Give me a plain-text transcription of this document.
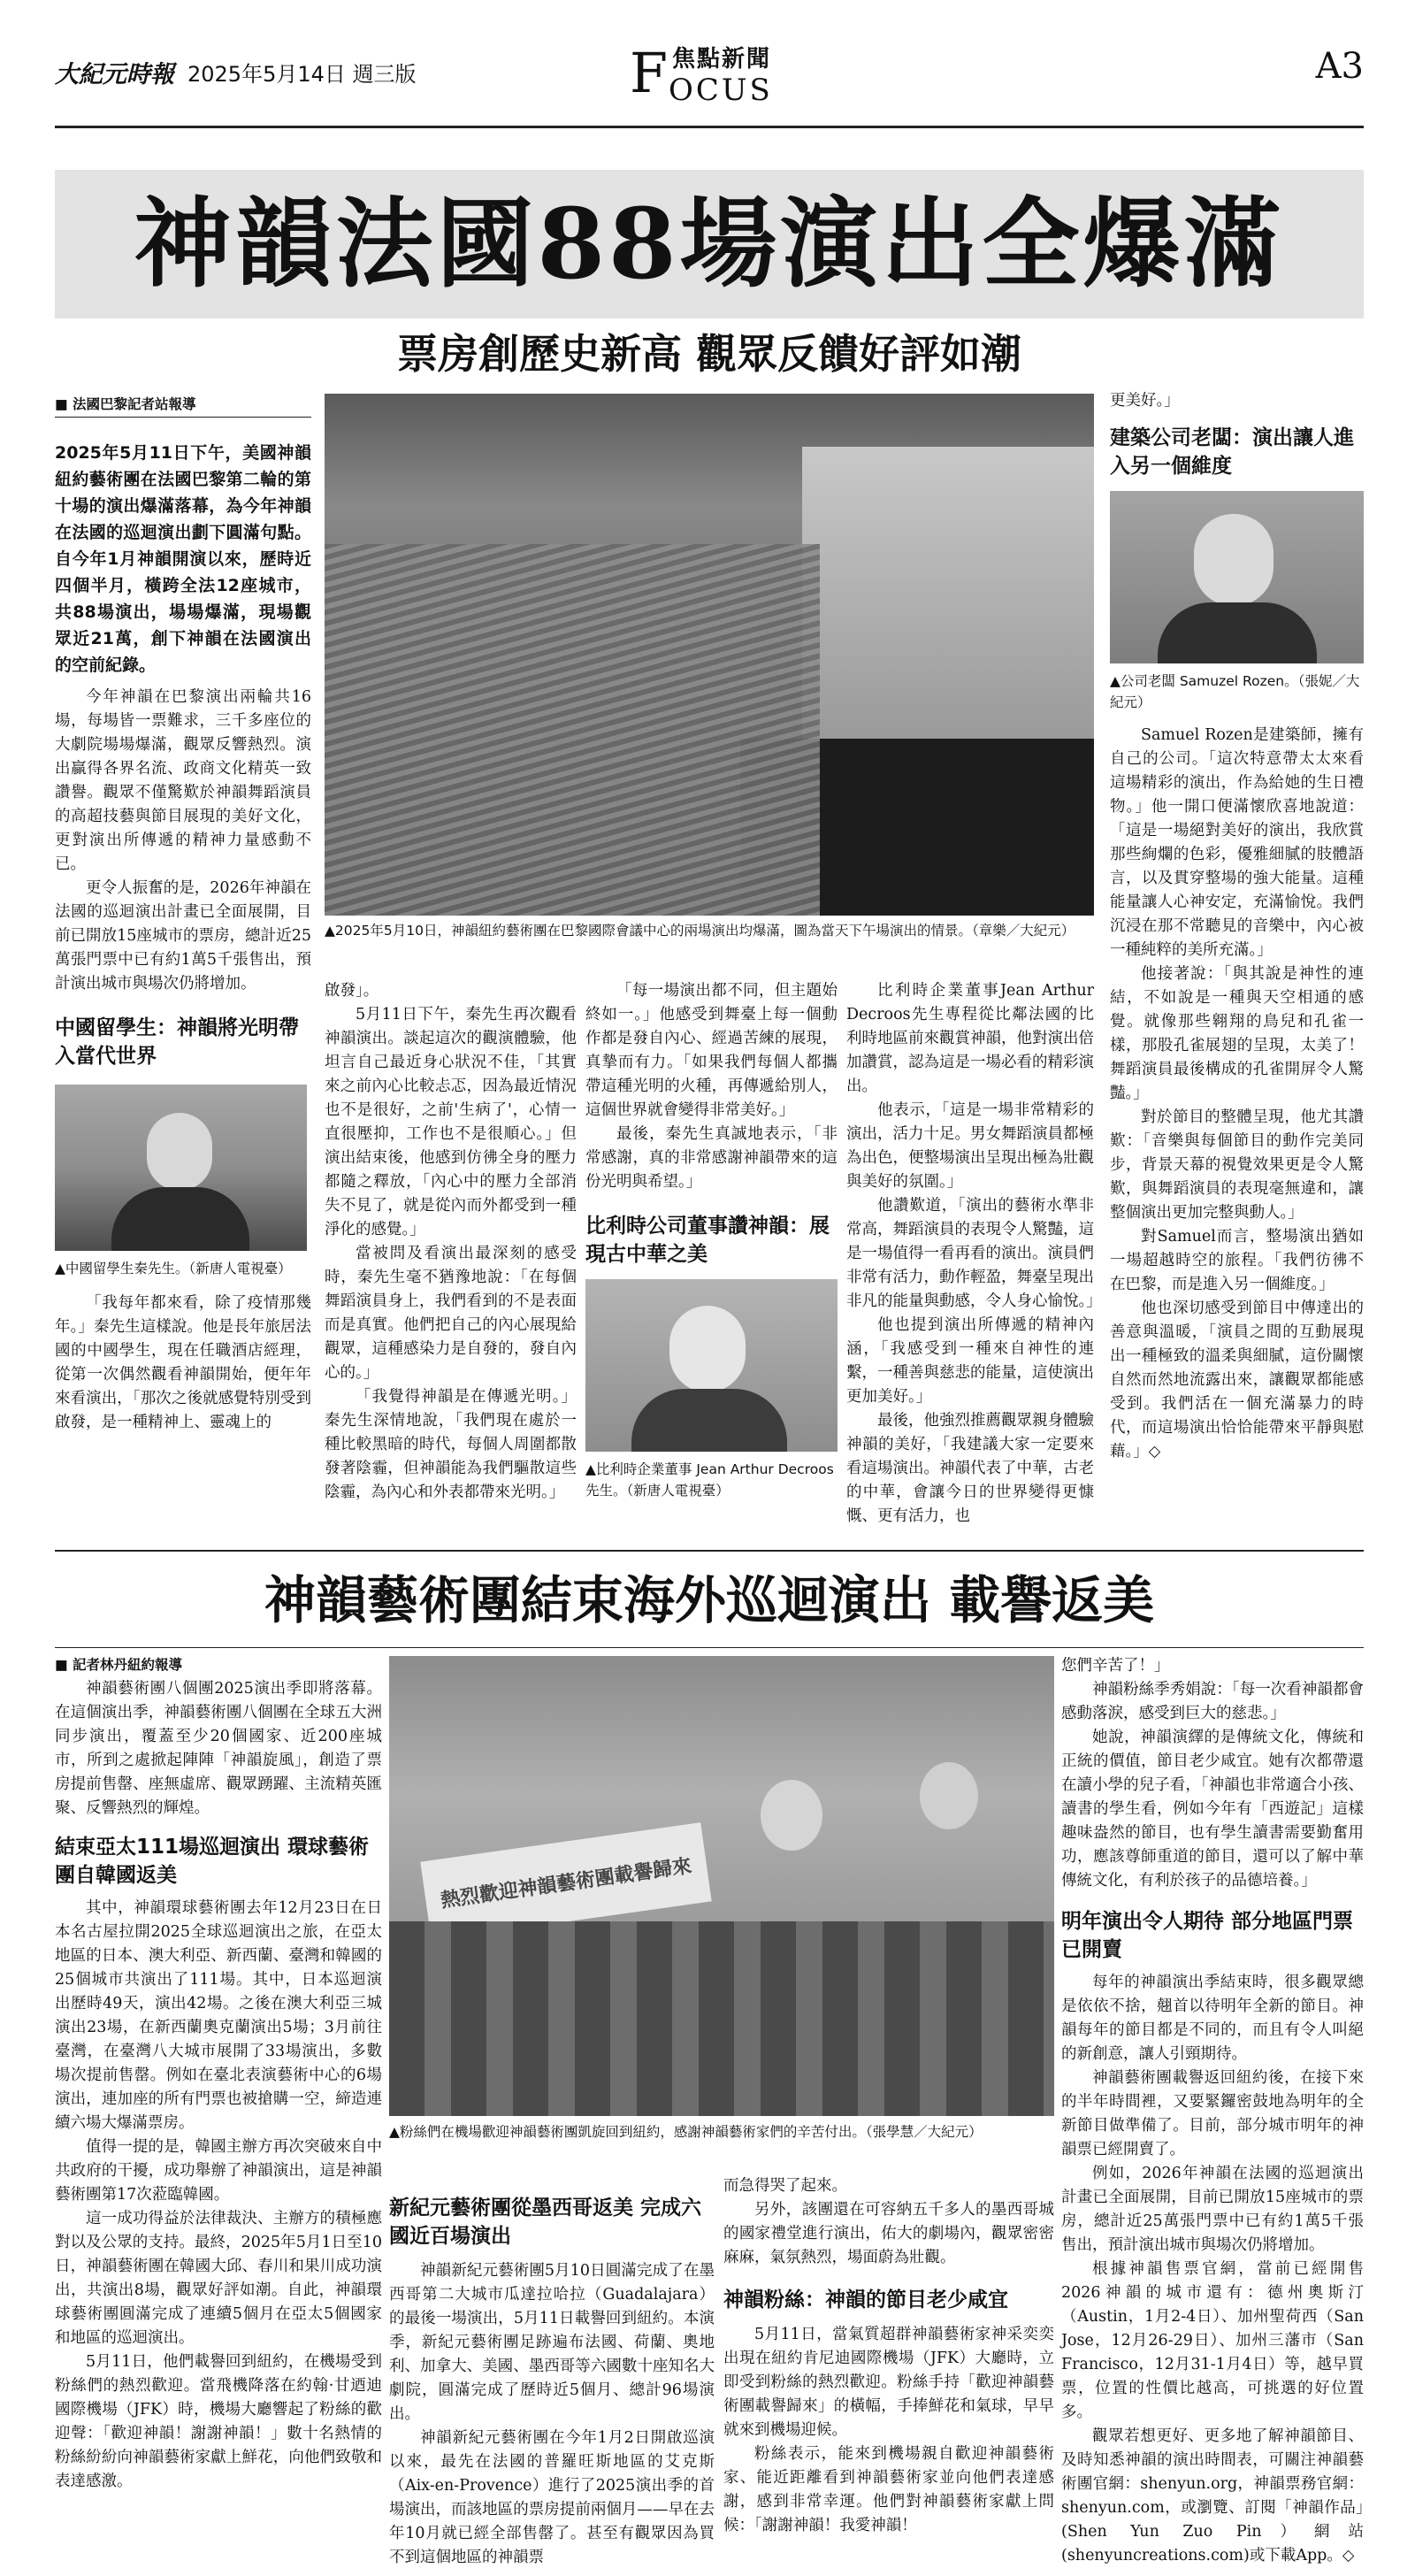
大紀元時報 2025年5月14日 週三版	F 焦點新聞
OCUS
A3
神韻法國88場演出全爆滿
票房創歷史新高 觀眾反饋好評如潮
■ 法國巴黎記者站報導

2025年5月11日下午，美國神韻紐約藝術團在法國巴黎第二輪的第十場的演出爆滿落幕，為今年神韻在法國的巡迴演出劃下圓滿句點。自今年1月神韻開演以來，歷時近四個半月，橫跨全法12座城市，共88場演出，場場爆滿，現場觀眾近21萬，創下神韻在法國演出的空前紀錄。

今年神韻在巴黎演出兩輪共16場，每場皆一票難求，三千多座位的大劇院場場爆滿，觀眾反響熱烈。演出贏得各界名流、政商文化精英一致讚譽。觀眾不僅驚歎於神韻舞蹈演員的高超技藝與節目展現的美好文化，更對演出所傳遞的精神力量感動不已。

更令人振奮的是，2026年神韻在法國的巡迴演出計畫已全面展開，目前已開放15座城市的票房，總計近25萬張門票中已有約1萬5千張售出，預計演出城市與場次仍將增加。

中國留學生：神韻將光明帶入當代世界

▲中國留學生秦先生。（新唐人電視臺）

「我每年都來看，除了疫情那幾年。」秦先生這樣說。他是長年旅居法國的中國學生，現在任職酒店經理，從第一次偶然觀看神韻開始，便年年來看演出，「那次之後就感覺特別受到啟發，是一種精神上、靈魂上的

▲2025年5月10日，神韻紐約藝術團在巴黎國際會議中心的兩場演出均爆滿，圖為當天下午場演出的情景。（章樂／大紀元）

啟發」。

5月11日下午，秦先生再次觀看神韻演出。談起這次的觀演體驗，他坦言自己最近身心狀況不佳，「其實來之前內心比較忐忑，因為最近情況也不是很好，之前'生病了'，心情一直很壓抑，工作也不是很順心。」但演出結束後，他感到仿彿全身的壓力都隨之釋放，「內心中的壓力全部消失不見了，就是從內而外都受到一種淨化的感覺。」

當被問及看演出最深刻的感受時，秦先生毫不猶豫地說：「在每個舞蹈演員身上，我們看到的不是表面而是真實。他們把自己的內心展現給觀眾，這種感染力是自發的，發自內心的。」

「我覺得神韻是在傳遞光明。」秦先生深情地說，「我們現在處於一種比較黑暗的時代，每個人周圍都散發著陰霾，但神韻能為我們驅散這些陰霾，為內心和外表都帶來光明。」

「每一場演出都不同，但主題始終如一。」他感受到舞臺上每一個動作都是發自內心、經過苦練的展現，真摯而有力。「如果我們每個人都攜帶這種光明的火種，再傳遞給別人，這個世界就會變得非常美好。」

最後，秦先生真誠地表示，「非常感謝，真的非常感謝神韻帶來的這份光明與希望。」

比利時公司董事讚神韻：展現古中華之美

▲比利時企業董事 Jean Arthur Decroos先生。（新唐人電視臺）

比利時企業董事Jean Arthur Decroos先生專程從比鄰法國的比利時地區前來觀賞神韻，他對演出倍加讚賞，認為這是一場必看的精彩演出。

他表示，「這是一場非常精彩的演出，活力十足。男女舞蹈演員都極為出色，便整場演出呈現出極為壯觀與美好的氛圍。」

他讚歎道，「演出的藝術水準非常高，舞蹈演員的表現令人驚豔，這是一場值得一看再看的演出。演員們非常有活力，動作輕盈，舞臺呈現出非凡的能量與動感，令人身心愉悅。」

他也提到演出所傳遞的精神內涵，「我感受到一種來自神性的連繫，一種善與慈悲的能量，這使演出更加美好。」

最後，他強烈推薦觀眾親身體驗神韻的美好，「我建議大家一定要來看這場演出。神韻代表了中華，古老的中華，會讓今日的世界變得更慷慨、更有活力，也

更美好。」

建築公司老闆：演出讓人進入另一個維度

▲公司老闆 Samuzel Rozen。（張妮／大紀元）

Samuel Rozen是建築師，擁有自己的公司。「這次特意帶太太來看這場精彩的演出，作為給她的生日禮物。」他一開口便滿懷欣喜地說道：「這是一場絕對美好的演出，我欣賞那些絢爛的色彩，優雅細膩的肢體語言，以及貫穿整場的強大能量。這種能量讓人心神安定，充滿愉悅。我們沉浸在那不常聽見的音樂中，內心被一種純粹的美所充滿。」

他接著說：「與其說是神性的連結，不如說是一種與天空相通的感覺。就像那些翱翔的鳥兒和孔雀一樣，那股孔雀展翅的呈現，太美了！舞蹈演員最後構成的孔雀開屏令人驚豔。」

對於節目的整體呈現，他尤其讚歎：「音樂與每個節目的動作完美同步，背景天幕的視覺效果更是令人驚歎，與舞蹈演員的表現毫無違和，讓整個演出更加完整與動人。」

對Samuel而言，整場演出猶如一場超越時空的旅程。「我們彷彿不在巴黎，而是進入另一個維度。」

他也深切感受到節目中傳達出的善意與溫暖，「演員之間的互動展現出一種極致的溫柔與細膩，這份關懷自然而然地流露出來，讓觀眾都能感受到。我們活在一個充滿暴力的時代，而這場演出恰恰能帶來平靜與慰藉。」◇

神韻藝術團結束海外巡迴演出 載譽返美
■ 記者林丹紐約報導

神韻藝術團八個團2025演出季即將落幕。在這個演出季，神韻藝術團八個團在全球五大洲同步演出，覆蓋至少20個國家、近200座城市，所到之處掀起陣陣「神韻旋風」，創造了票房提前售罄、座無虛席、觀眾踴躍、主流精英匯聚、反響熱烈的輝煌。

結束亞太111場巡迴演出 環球藝術團自韓國返美

其中，神韻環球藝術團去年12月23日在日本名古屋拉開2025全球巡迴演出之旅，在亞太地區的日本、澳大利亞、新西蘭、臺灣和韓國的25個城市共演出了111場。其中，日本巡迴演出歷時49天，演出42場。之後在澳大利亞三城演出23場，在新西蘭奧克蘭演出5場；3月前往臺灣，在臺灣八大城市展開了33場演出，多數場次提前售罄。例如在臺北表演藝術中心的6場演出，連加座的所有門票也被搶購一空，締造連續六場大爆滿票房。

值得一提的是，韓國主辦方再次突破來自中共政府的干擾，成功舉辦了神韻演出，這是神韻藝術團第17次蒞臨韓國。

這一成功得益於法律裁決、主辦方的積極應對以及公眾的支持。最終，2025年5月1日至10日，神韻藝術團在韓國大邱、春川和果川成功演出，共演出8場，觀眾好評如潮。自此，神韻環球藝術團圓滿完成了連續5個月在亞太5個國家和地區的巡迴演出。

5月11日，他們載譽回到紐約，在機場受到粉絲們的熱烈歡迎。當飛機降落在約翰·甘迺迪國際機場（JFK）時，機場大廳響起了粉絲的歡迎聲：「歡迎神韻！謝謝神韻！」數十名熱情的粉絲紛紛向神韻藝術家獻上鮮花，向他們致敬和表達感激。

熱烈歡迎神韻藝術團載譽歸來

▲粉絲們在機場歡迎神韻藝術團凱旋回到紐約，感謝神韻藝術家們的辛苦付出。（張學慧／大紀元）

新紀元藝術團從墨西哥返美 完成六國近百場演出

神韻新紀元藝術團5月10日圓滿完成了在墨西哥第二大城市瓜達拉哈拉（Guadalajara）的最後一場演出，5月11日載譽回到紐約。本演季，新紀元藝術團足跡遍布法國、荷蘭、奧地利、加拿大、美國、墨西哥等六國數十座知名大劇院，圓滿完成了歷時近5個月、總計96場演出。

神韻新紀元藝術團在今年1月2日開啟巡演以來，最先在法國的普羅旺斯地區的艾克斯（Aix-en-Provence）進行了2025演出季的首場演出，而該地區的票房提前兩個月——早在去年10月就已經全部售罄了。甚至有觀眾因為買不到這個地區的神韻票

而急得哭了起來。

另外，該團還在可容納五千多人的墨西哥城的國家禮堂進行演出，佑大的劇場內，觀眾密密麻麻，氣氛熱烈，場面蔚為壯觀。

神韻粉絲：神韻的節目老少咸宜

5月11日，當氣質超群神韻藝術家神采奕奕出現在紐約肯尼迪國際機場（JFK）大廳時，立即受到粉絲的熱烈歡迎。粉絲手持「歡迎神韻藝術團載譽歸來」的橫幅，手捧鮮花和氣球，早早就來到機場迎候。

粉絲表示，能來到機場親自歡迎神韻藝術家、能近距離看到神韻藝術家並向他們表達感謝，感到非常幸運。他們對神韻藝術家獻上問候：「謝謝神韻！我愛神韻！

您們辛苦了！」

神韻粉絲季秀娟說：「每一次看神韻都會感動落淚，感受到巨大的慈悲。」

她說，神韻演繹的是傳統文化，傳統和正統的價值，節目老少咸宜。她有次都帶還在讀小學的兒子看，「神韻也非常適合小孩、讀書的學生看，例如今年有「西遊記」這樣趣味盎然的節目，也有學生讀書需要勤奮用功，應該尊師重道的節目，還可以了解中華傳統文化，有利於孩子的品德培養。」

明年演出令人期待 部分地區門票已開賣

每年的神韻演出季結束時，很多觀眾總是依依不捨，翹首以待明年全新的節目。神韻每年的節目都是不同的，而且有令人叫絕的新創意，讓人引頸期待。

神韻藝術團載譽返回紐約後，在接下來的半年時間裡，又要緊鑼密鼓地為明年的全新節目做準備了。目前，部分城市明年的神韻票已經開賣了。

例如，2026年神韻在法國的巡迴演出計畫已全面展開，目前已開放15座城市的票房，總計近25萬張門票中已有約1萬5千張售出，預計演出城市與場次仍將增加。

根據神韻售票官網，當前已經開售2026神韻的城市還有：德州奧斯汀（Austin，1月2-4日）、加州聖荷西（San Jose，12月26-29日）、加州三藩市（San Francisco，12月31-1月4日）等，越早買票，位置的性價比越高，可挑選的好位置多。

觀眾若想更好、更多地了解神韻節目、及時知悉神韻的演出時間表，可關注神韻藝術團官網：shenyun.org，神韻票務官網：shenyun.com，或瀏覽、訂閱「神韻作品」(Shen Yun Zuo Pin）網站(shenyuncreations.com)或下載App。◇
